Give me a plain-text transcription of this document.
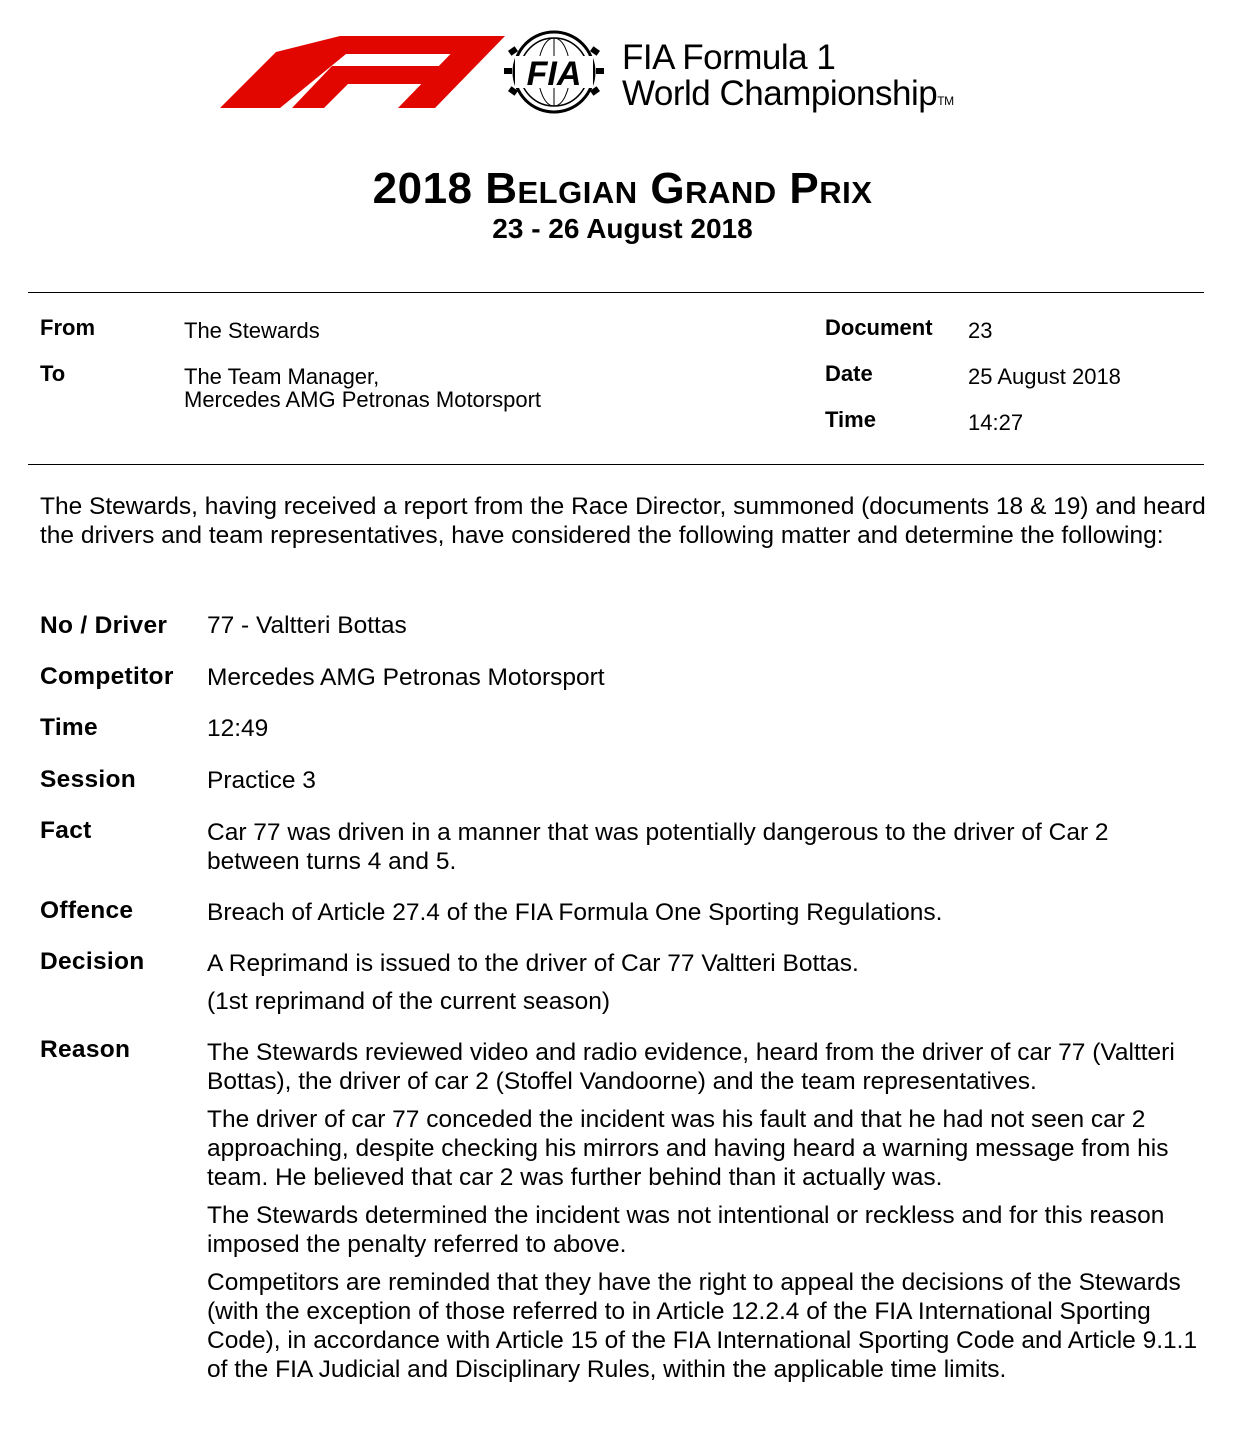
FIA FIA Formula 1
World ChampionshipTM
2018 Belgian Grand Prix
23 - 26 August 2018
From	The Stewards
To	The Team Manager,
Mercedes AMG Petronas Motorsport
Document 23
Date	25 August 2018
Time	14:27
The Stewards, having received a report from the Race Director, summoned (documents 18 & 19) and heard the drivers and team representatives, have considered the following matter and determine the following:
No / Driver 77 - Valtteri Bottas
Competitor Mercedes AMG Petronas Motorsport
Time	12:49
Session	Practice 3
Fact	Car 77 was driven in a manner that was potentially dangerous to the driver of Car 2 between turns 4 and 5.
Offence	Breach of Article 27.4 of the FIA Formula One Sporting Regulations.
Decision	A Reprimand is issued to the driver of Car 77 Valtteri Bottas.

(1st reprimand of the current season)

Reason	The Stewards reviewed video and radio evidence, heard from the driver of car 77 (Valtteri Bottas), the driver of car 2 (Stoffel Vandoorne) and the team representatives.

The driver of car 77 conceded the incident was his fault and that he had not seen car 2 approaching, despite checking his mirrors and having heard a warning message from his team. He believed that car 2 was further behind than it actually was.

The Stewards determined the incident was not intentional or reckless and for this reason imposed the penalty referred to above.

Competitors are reminded that they have the right to appeal the decisions of the Stewards (with the exception of those referred to in Article 12.2.4 of the FIA International Sporting Code), in accordance with Article 15 of the FIA International Sporting Code and Article 9.1.1 of the FIA Judicial and Disciplinary Rules, within the applicable time limits.
